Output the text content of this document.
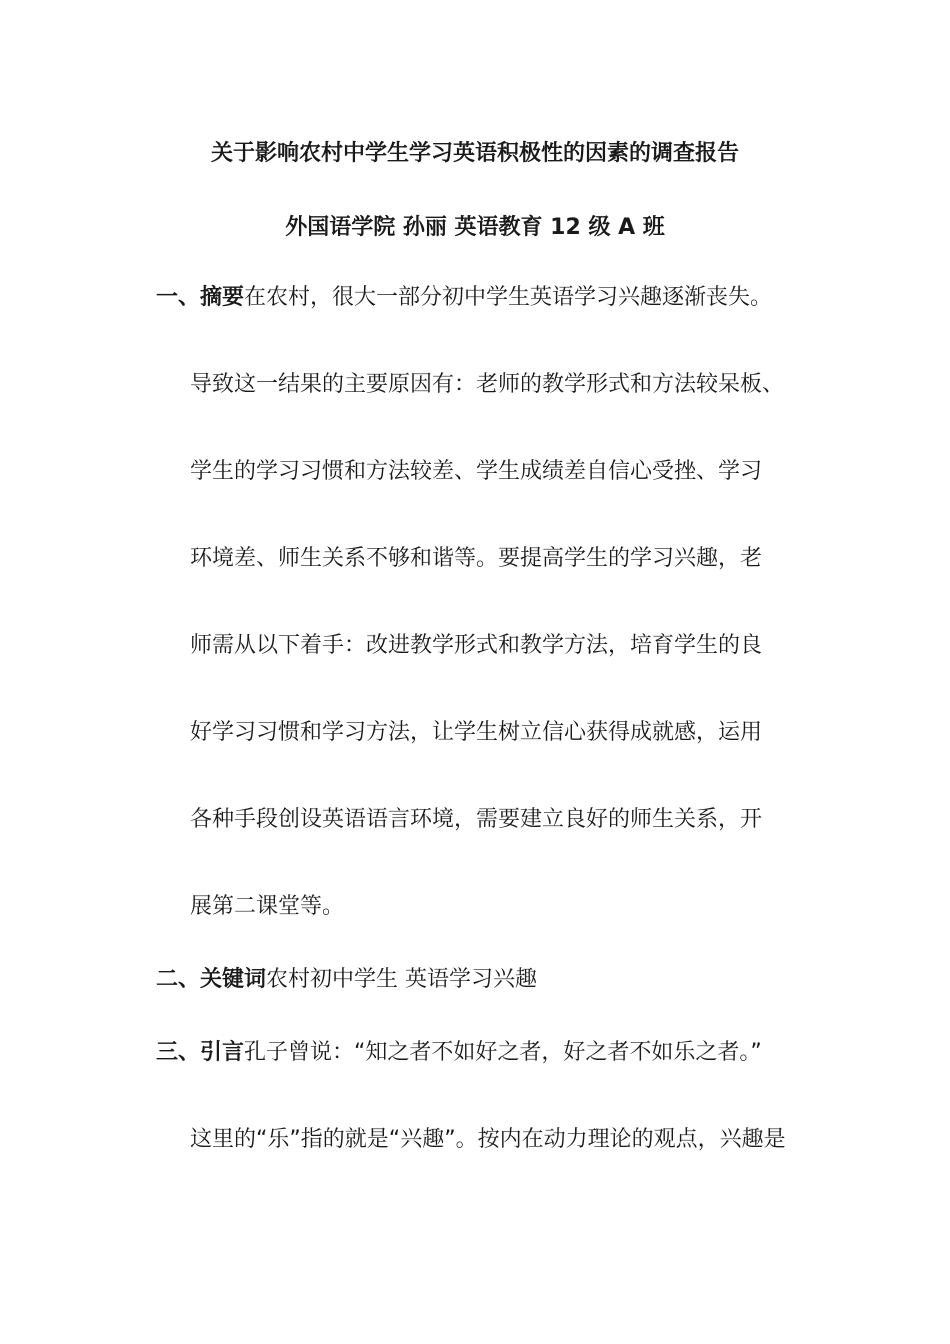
关于影响农村中学生学习英语积极性的因素的调查报告
外国语学院 孙丽 英语教育 12 级 A 班
一、摘要在农村，很大一部分初中学生英语学习兴趣逐渐丧失。
导致这一结果的主要原因有：老师的教学形式和方法较呆板、
学生的学习习惯和方法较差、学生成绩差自信心受挫、学习
环境差、师生关系不够和谐等。要提高学生的学习兴趣，老
师需从以下着手：改进教学形式和教学方法，培育学生的良
好学习习惯和学习方法，让学生树立信心获得成就感，运用
各种手段创设英语语言环境，需要建立良好的师生关系，开
展第二课堂等。
二、关键词农村初中学生 英语学习兴趣
三、引言孔子曾说：“知之者不如好之者，好之者不如乐之者。”
这里的“乐”指的就是“兴趣”。按内在动力理论的观点，兴趣是
